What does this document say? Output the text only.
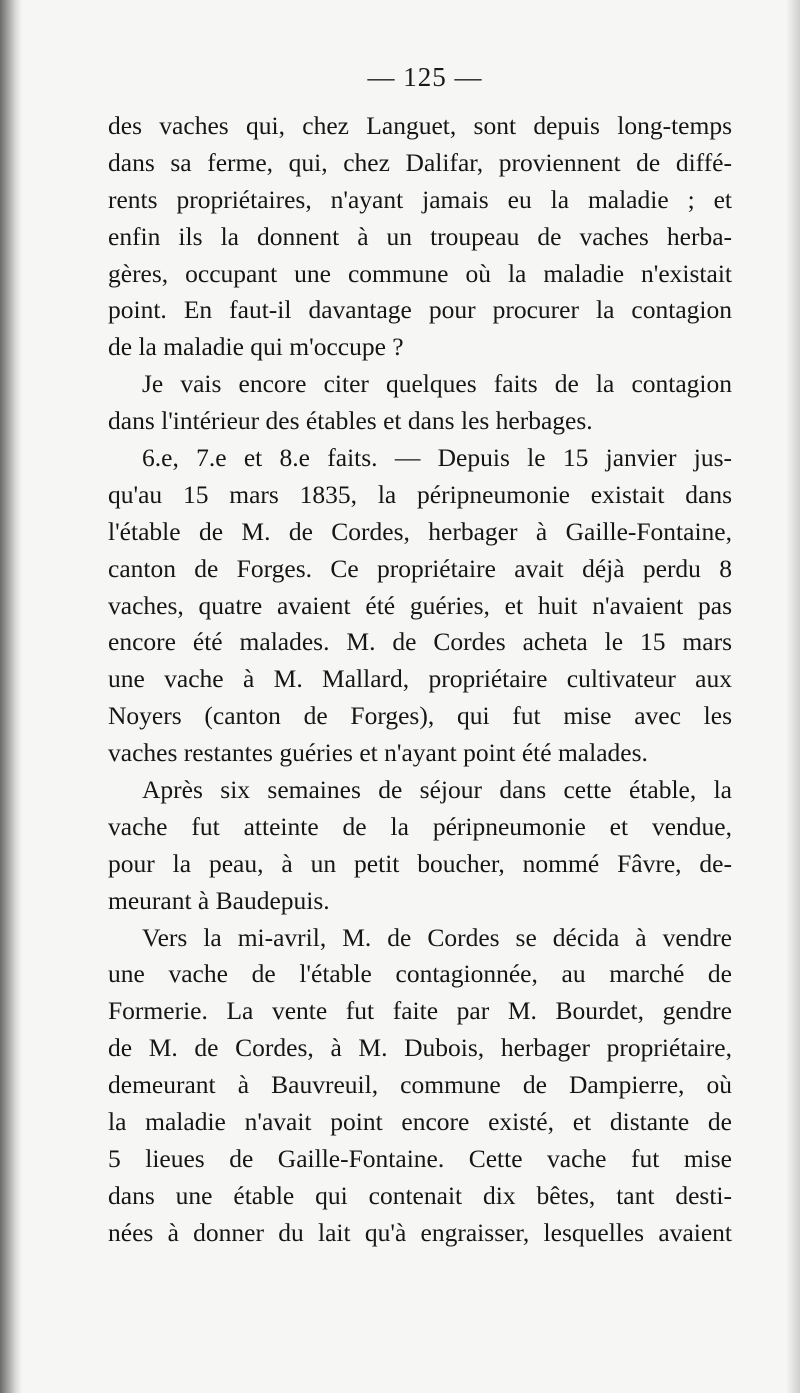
— 125 —
des vaches qui, chez Languet, sont depuis long-temps
dans sa ferme, qui, chez Dalifar, proviennent de diffé-
rents propriétaires, n'ayant jamais eu la maladie ; et
enfin ils la donnent à un troupeau de vaches herba-
gères, occupant une commune où la maladie n'existait
point. En faut-il davantage pour procurer la contagion
de la maladie qui m'occupe ?
Je vais encore citer quelques faits de la contagion
dans l'intérieur des étables et dans les herbages.
6.e, 7.e et 8.e faits. — Depuis le 15 janvier jus-
qu'au 15 mars 1835, la péripneumonie existait dans
l'étable de M. de Cordes, herbager à Gaille-Fontaine,
canton de Forges. Ce propriétaire avait déjà perdu 8
vaches, quatre avaient été guéries, et huit n'avaient pas
encore été malades. M. de Cordes acheta le 15 mars
une vache à M. Mallard, propriétaire cultivateur aux
Noyers (canton de Forges), qui fut mise avec les
vaches restantes guéries et n'ayant point été malades.
Après six semaines de séjour dans cette étable, la
vache fut atteinte de la péripneumonie et vendue,
pour la peau, à un petit boucher, nommé Fâvre, de-
meurant à Baudepuis.
Vers la mi-avril, M. de Cordes se décida à vendre
une vache de l'étable contagionnée, au marché de
Formerie. La vente fut faite par M. Bourdet, gendre
de M. de Cordes, à M. Dubois, herbager propriétaire,
demeurant à Bauvreuil, commune de Dampierre, où
la maladie n'avait point encore existé, et distante de
5 lieues de Gaille-Fontaine. Cette vache fut mise
dans une étable qui contenait dix bêtes, tant desti-
nées à donner du lait qu'à engraisser, lesquelles avaient
